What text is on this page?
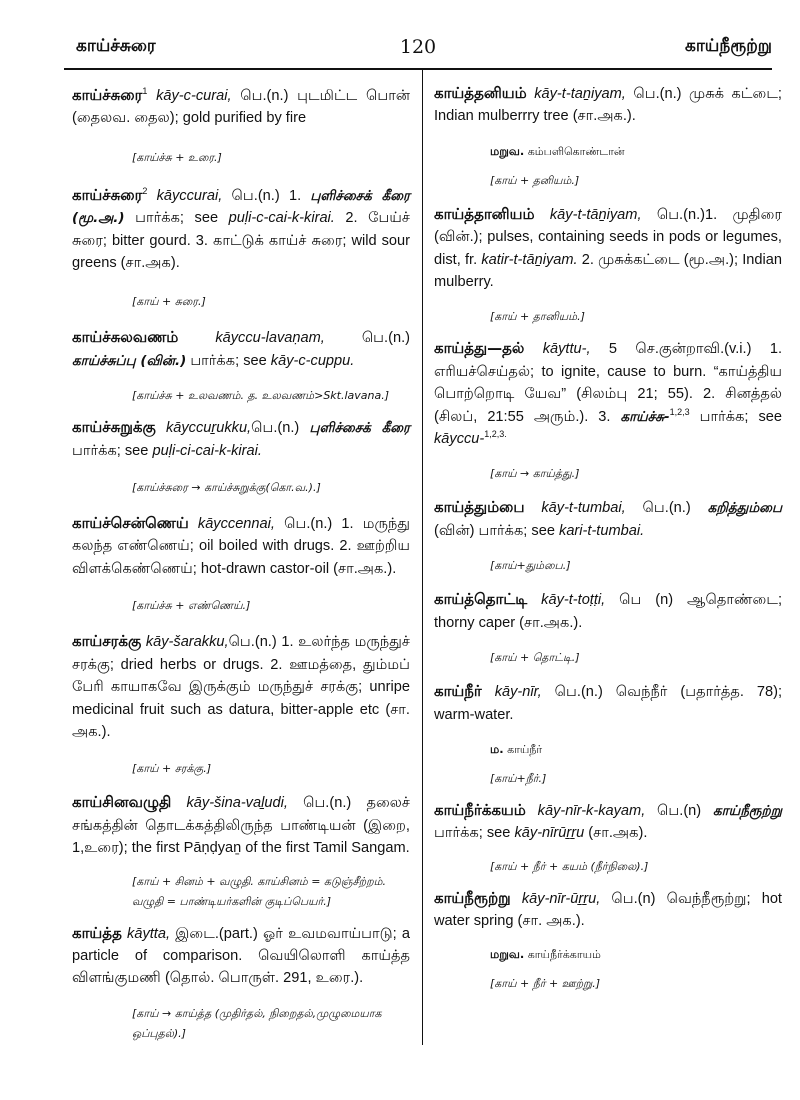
காய்ச்சுரை	120	காய்நீரூற்று

காய்ச்சுரை$^1$ kāy-c-curai, பெ.(n.) புடமிட்ட பொன் (தைலவ. தைல); gold purified by fire

[காய்ச்சு + உரை.]

காய்ச்சுரை$^2$ kāyccurai, பெ.(n.) 1. புளிச்சைக் கீரை (மூ.அ.) பார்க்க; see puḷi-c-cai-k-kirai. 2. பேய்ச் சுரை; bitter gourd. 3. காட்டுக் காய்ச் சுரை; wild sour greens (சா.அக).

[காய் + சுரை.]

காய்ச்சுலவணம்	kāyccu-lavaṇam, பெ.(n.) காய்ச்சுப்பு (வின்.) பார்க்க; see kāy-c-cuppu.

[காய்ச்சு + உலவணம். த. உலவணம்>Skt.lavana.]

காய்ச்சுறுக்கு kāyccuṟukku,பெ.(n.) புளிச்சைக் கீரை பார்க்க; see puḷi-ci-cai-k-kirai.

[காய்ச்சுரை → காய்ச்சுறுக்கு(கொ.வ.).]

காய்ச்சென்ணெய் kāyccennai, பெ.(n.) 1. மருந்து கலந்த எண்ணெய்; oil boiled with drugs. 2. ஊற்றிய விளக்கெண்ணெய்; hot-drawn castor-oil (சா.அக.).

[காய்ச்சு + எண்ணெய்.]

காய்சரக்கு kāy-šarakku,பெ.(n.) 1. உலர்ந்த மருந்துச் சரக்கு; dried herbs or drugs. 2. ஊமத்தை, தும்மப் பேரி காயாகவே இருக்கும் மருந்துச் சரக்கு; unripe medicinal fruit such as datura, bitter-apple etc (சா. அக.).

[காய் + சரக்கு.]

காய்சினவழுதி kāy-šina-vaḻudi, பெ.(n.) தலைச் சங்கத்தின் தொடக்கத்திலிருந்த பாண்டியன் (இறை, 1,உரை); the first Pāṇḍyaṉ of the first Tamil Sangam.

[காய் + சினம் + வழுதி. காய்சினம் = கடுஞ்சீற்றம். வழுதி = பாண்டியர்களின் குடிப்பெயர்.]

காய்த்த kāytta, இடை.(part.) ஓர் உவமவாய்பாடு; a particle of comparison. வெயிலொளி காய்த்த விளங்குமணி (தொல். பொருள். 291, உரை.).

[காய் → காய்த்த (முதிர்தல், நிறைதல்,முழுமையாக ஒப்புதல்).]

காய்த்தனியம் kāy-t-taṉiyam, பெ.(n.) முசுக் கட்டை; Indian mulberrry tree (சா.அக.).

மறுவ. கம்பளிகொண்டான்

[காய் + தனியம்.]

காய்த்தானியம் kāy-t-tāṉiyam, பெ.(n.)1. முதிரை (வின்.); pulses, containing seeds in pods or legumes, dist, fr. katir-t-tāṉiyam. 2. முசுக்கட்டை (மூ.அ.); Indian mulberry.

[காய் + தானியம்.]

காய்த்து—தல் kāyttu-, 5 செ.குன்றாவி.(v.i.) 1. எரியச்செய்தல்; to ignite, cause to burn. “காய்த்திய பொற்றொடி யேவ” (சிலம்பு 21; 55). 2. சினத்தல் (சிலப், 21:55 அரும்.). 3. காய்ச்சு-$^{1,2,3}$ பார்க்க; see kāyccu-$^{1,2,3.}$

[காய் → காய்த்து.]

காய்த்தும்பை kāy-t-tumbai, பெ.(n.) கறித்தும்பை (வின்) பார்க்க; see kari-t-tumbai.

[காய்+தும்பை.]

காய்த்தொட்டி kāy-t-toṭṭi, பெ (n) ஆதொண்டை; thorny caper (சா.அக.).

[காய் + தொட்டி.]

காய்நீர் kāy-nīr, பெ.(n.) வெந்நீர் (பதார்த்த. 78); warm-water.

ம. காய்நீர்

[காய்+நீர்.]

காய்நீர்க்கயம் kāy-nīr-k-kayam, பெ.(n) காய்நீரூற்று பார்க்க; see kāy-nīrūṟṟu (சா.அக).

[காய் + நீர் + கயம் (நீர்நிலை).]

காய்நீரூற்று kāy-nīr-ūṟṟu, பெ.(n) வெந்நீரூற்று; hot water spring (சா. அக.).

மறுவ. காய்நீர்க்காயம்

[காய் + நீர் + ஊற்று.]
